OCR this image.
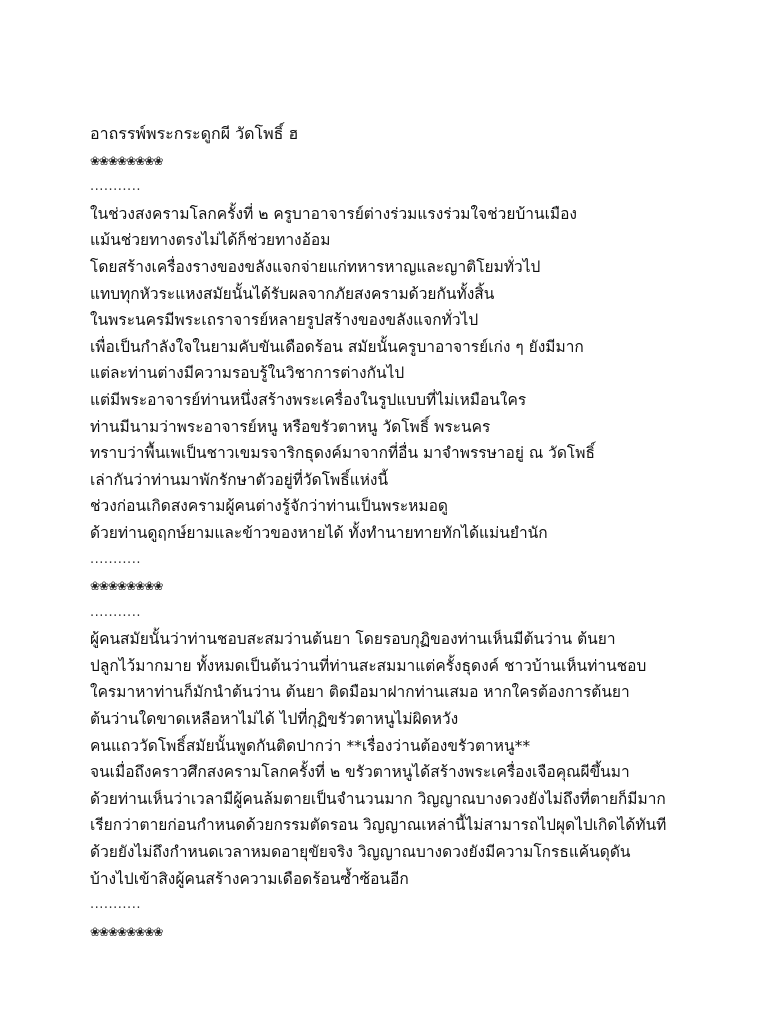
อาถรรพ์พระกระดูกผี วัดโพธิ์ ฮ
❀❀❀❀❀❀❀❀
...........
ในช่วงสงครามโลกครั้งที่ ๒ ครูบาอาจารย์ต่างร่วมแรงร่วมใจช่วยบ้านเมือง
แม้นช่วยทางตรงไม่ได้ก็ช่วยทางอ้อม
โดยสร้างเครื่องรางของขลังแจกจ่ายแก่ทหารหาญและญาติโยมทั่วไป
แทบทุกหัวระแหงสมัยนั้นได้รับผลจากภัยสงครามด้วยกันทั้งสิ้น
ในพระนครมีพระเถราจารย์หลายรูปสร้างของขลังแจกทั่วไป
เพื่อเป็นกำลังใจในยามคับขันเดือดร้อน สมัยนั้นครูบาอาจารย์เก่ง ๆ ยังมีมาก
แต่ละท่านต่างมีความรอบรู้ในวิชาการต่างกันไป
แต่มีพระอาจารย์ท่านหนึ่งสร้างพระเครื่องในรูปแบบที่ไม่เหมือนใคร
ท่านมีนามว่าพระอาจารย์หนู หรือขรัวตาหนู วัดโพธิ์ พระนคร
ทราบว่าพื้นเพเป็นชาวเขมรจาริกธุดงค์มาจากที่อื่น มาจำพรรษาอยู่ ณ วัดโพธิ์
เล่ากันว่าท่านมาพักรักษาตัวอยู่ที่วัดโพธิ์แห่งนี้
ช่วงก่อนเกิดสงครามผู้คนต่างรู้จักว่าท่านเป็นพระหมอดู
ด้วยท่านดูฤกษ์ยามและข้าวของหายได้ ทั้งทำนายทายทักได้แม่นยำนัก
...........
❀❀❀❀❀❀❀❀
...........
ผู้คนสมัยนั้นว่าท่านชอบสะสมว่านต้นยา โดยรอบกุฏิของท่านเห็นมีต้นว่าน ต้นยา
ปลูกไว้มากมาย ทั้งหมดเป็นต้นว่านที่ท่านสะสมมาแต่ครั้งธุดงค์ ชาวบ้านเห็นท่านชอบ
ใครมาหาท่านก็มักนำต้นว่าน ต้นยา ติดมือมาฝากท่านเสมอ หากใครต้องการต้นยา
ต้นว่านใดขาดเหลือหาไม่ได้ ไปที่กุฏิขรัวตาหนูไม่ผิดหวัง
คนแถววัดโพธิ์สมัยนั้นพูดกันติดปากว่า **เรื่องว่านต้องขรัวตาหนู**
จนเมื่อถึงคราวศึกสงครามโลกครั้งที่ ๒ ขรัวตาหนูได้สร้างพระเครื่องเจือคุณผีขึ้นมา
ด้วยท่านเห็นว่าเวลามีผู้คนล้มตายเป็นจำนวนมาก วิญญาณบางดวงยังไม่ถึงที่ตายก็มีมาก
เรียกว่าตายก่อนกำหนดด้วยกรรมตัดรอน วิญญาณเหล่านี้ไม่สามารถไปผุดไปเกิดได้ทันที
ด้วยยังไม่ถึงกำหนดเวลาหมดอายุขัยจริง วิญญาณบางดวงยังมีความโกรธแค้นดุดัน
บ้างไปเข้าสิงผู้คนสร้างความเดือดร้อนซ้ำซ้อนอีก
...........
❀❀❀❀❀❀❀❀
